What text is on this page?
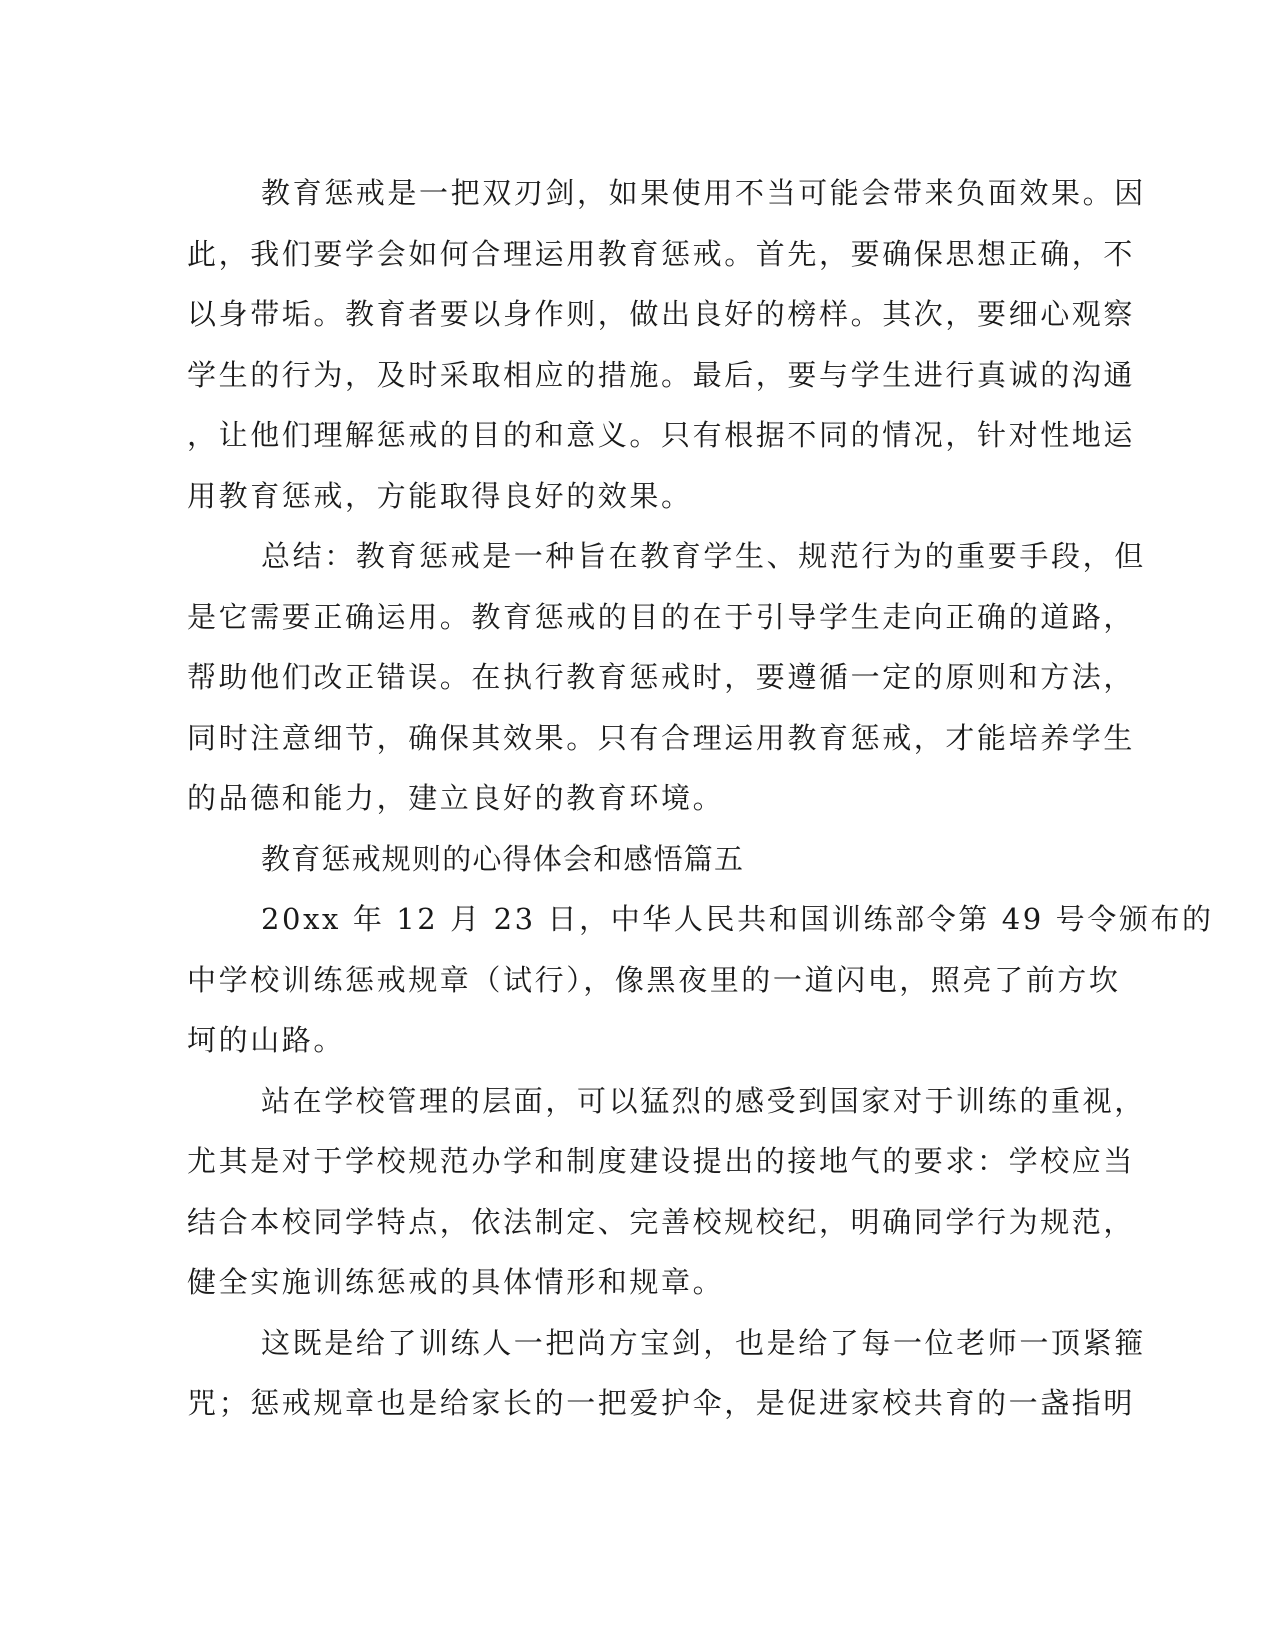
教育惩戒是一把双刃剑，如果使用不当可能会带来负面效果。因
此，我们要学会如何合理运用教育惩戒。首先，要确保思想正确，不
以身带垢。教育者要以身作则，做出良好的榜样。其次，要细心观察
学生的行为，及时采取相应的措施。最后，要与学生进行真诚的沟通
，让他们理解惩戒的目的和意义。只有根据不同的情况，针对性地运
用教育惩戒，方能取得良好的效果。
总结：教育惩戒是一种旨在教育学生、规范行为的重要手段，但
是它需要正确运用。教育惩戒的目的在于引导学生走向正确的道路，
帮助他们改正错误。在执行教育惩戒时，要遵循一定的原则和方法，
同时注意细节，确保其效果。只有合理运用教育惩戒，才能培养学生
的品德和能力，建立良好的教育环境。
教育惩戒规则的心得体会和感悟篇五
20xx 年 12 月 23 日，中华人民共和国训练部令第 49 号令颁布的
中学校训练惩戒规章（试行），像黑夜里的一道闪电，照亮了前方坎
坷的山路。
站在学校管理的层面，可以猛烈的感受到国家对于训练的重视，
尤其是对于学校规范办学和制度建设提出的接地气的要求：学校应当
结合本校同学特点，依法制定、完善校规校纪，明确同学行为规范，
健全实施训练惩戒的具体情形和规章。
这既是给了训练人一把尚方宝剑，也是给了每一位老师一顶紧箍
咒；惩戒规章也是给家长的一把爱护伞，是促进家校共育的一盏指明
